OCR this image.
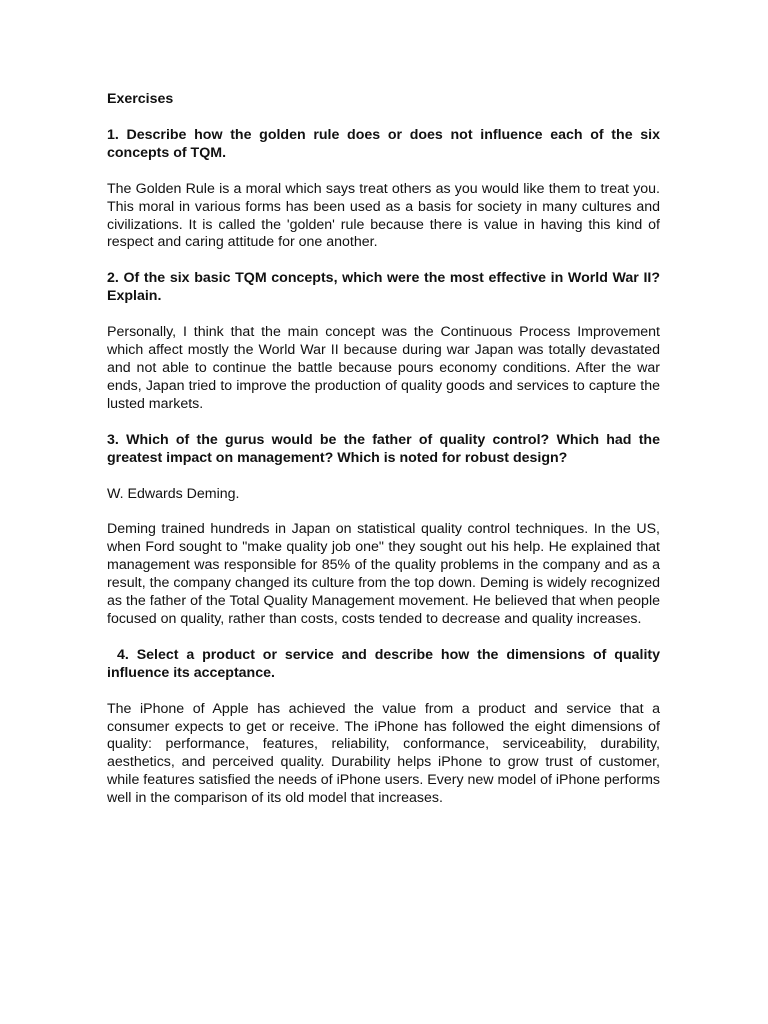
Exercises
1. Describe how the golden rule does or does not influence each of the six concepts of TQM.
The Golden Rule is a moral which says treat others as you would like them to treat you. This moral in various forms has been used as a basis for society in many cultures and civilizations. It is called the 'golden' rule because there is value in having this kind of respect and caring attitude for one another.
2. Of the six basic TQM concepts, which were the most effective in World War II? Explain.
Personally, I think that the main concept was the Continuous Process Improvement which affect mostly the World War II because during war Japan was totally devastated and not able to continue the battle because pours economy conditions. After the war ends, Japan tried to improve the production of quality goods and services to capture the lusted markets.
3. Which of the gurus would be the father of quality control? Which had the greatest impact on management? Which is noted for robust design?
W. Edwards Deming.
Deming trained hundreds in Japan on statistical quality control techniques. In the US, when Ford sought to "make quality job one" they sought out his help. He explained that management was responsible for 85% of the quality problems in the company and as a result, the company changed its culture from the top down. Deming is widely recognized as the father of the Total Quality Management movement. He believed that when people focused on quality, rather than costs, costs tended to decrease and quality increases.
4. Select a product or service and describe how the dimensions of quality influence its acceptance.
The iPhone of Apple has achieved the value from a product and service that a consumer expects to get or receive. The iPhone has followed the eight dimensions of quality: performance, features, reliability, conformance, serviceability, durability, aesthetics, and perceived quality. Durability helps iPhone to grow trust of customer, while features satisfied the needs of iPhone users. Every new model of iPhone performs well in the comparison of its old model that increases.
